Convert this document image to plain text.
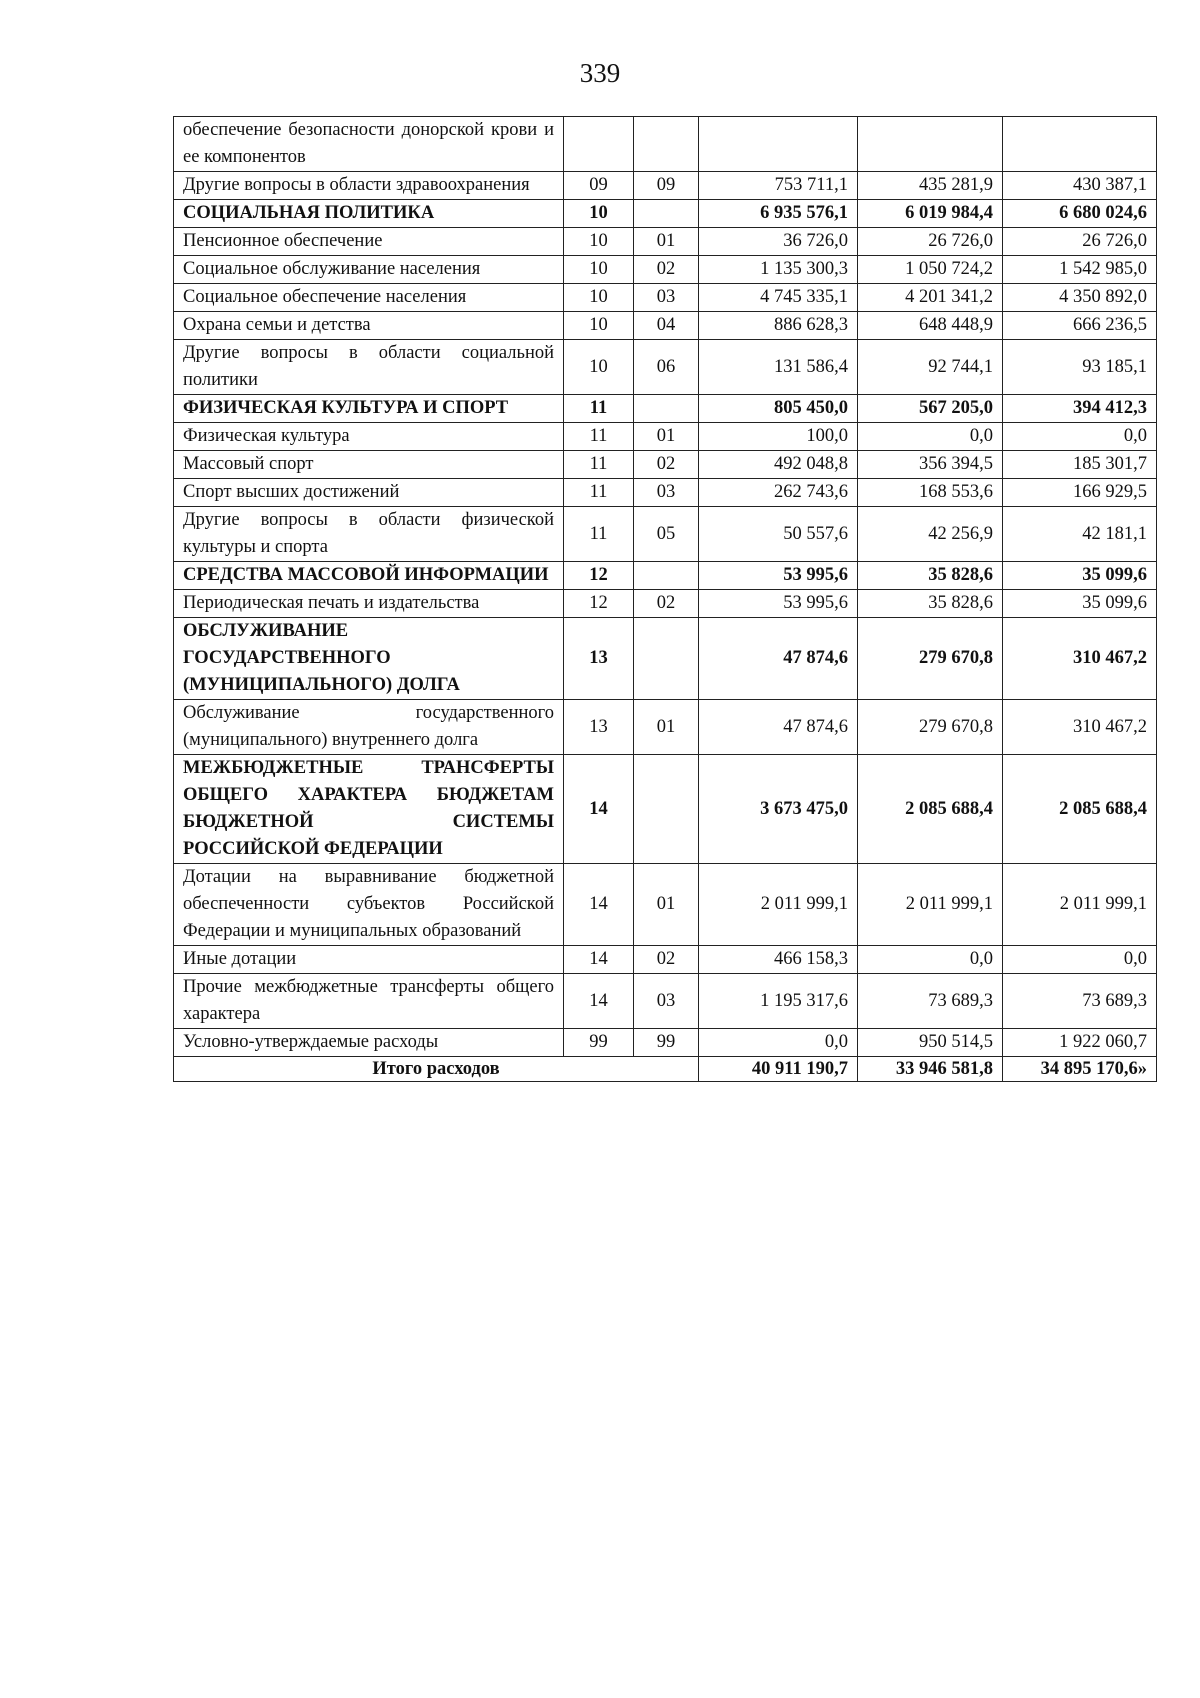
339
обеспечение безопасности донорской крови и ее компонентов					
Другие вопросы в области здравоохранения	09	09	753 711,1	435 281,9	430 387,1
СОЦИАЛЬНАЯ ПОЛИТИКА	10		6 935 576,1	6 019 984,4	6 680 024,6
Пенсионное обеспечение	10	01	36 726,0	26 726,0	26 726,0
Социальное обслуживание населения	10	02	1 135 300,3	1 050 724,2	1 542 985,0
Социальное обеспечение населения	10	03	4 745 335,1	4 201 341,2	4 350 892,0
Охрана семьи и детства	10	04	886 628,3	648 448,9	666 236,5
Другие вопросы в области социальной политики	10	06	131 586,4	92 744,1	93 185,1
ФИЗИЧЕСКАЯ КУЛЬТУРА И СПОРТ	11		805 450,0	567 205,0	394 412,3
Физическая культура	11	01	100,0	0,0	0,0
Массовый спорт	11	02	492 048,8	356 394,5	185 301,7
Спорт высших достижений	11	03	262 743,6	168 553,6	166 929,5
Другие вопросы в области физической культуры и спорта	11	05	50 557,6	42 256,9	42 181,1
СРЕДСТВА МАССОВОЙ ИНФОРМАЦИИ	12		53 995,6	35 828,6	35 099,6
Периодическая печать и издательства	12	02	53 995,6	35 828,6	35 099,6
ОБСЛУЖИВАНИЕ ГОСУДАРСТВЕННОГО (МУНИЦИПАЛЬНОГО) ДОЛГА	13		47 874,6	279 670,8	310 467,2
Обслуживание государственного (муниципального) внутреннего долга	13	01	47 874,6	279 670,8	310 467,2
МЕЖБЮДЖЕТНЫЕ ТРАНСФЕРТЫ ОБЩЕГО ХАРАКТЕРА БЮДЖЕТАМ БЮДЖЕТНОЙ СИСТЕМЫ РОССИЙСКОЙ ФЕДЕРАЦИИ	14		3 673 475,0	2 085 688,4	2 085 688,4
Дотации на выравнивание бюджетной обеспеченности субъектов Российской Федерации и муниципальных образований	14	01	2 011 999,1	2 011 999,1	2 011 999,1
Иные дотации	14	02	466 158,3	0,0	0,0
Прочие межбюджетные трансферты общего характера	14	03	1 195 317,6	73 689,3	73 689,3
Условно-утверждаемые расходы	99	99	0,0	950 514,5	1 922 060,7
Итого расходов			40 911 190,7	33 946 581,8	34 895 170,6»
